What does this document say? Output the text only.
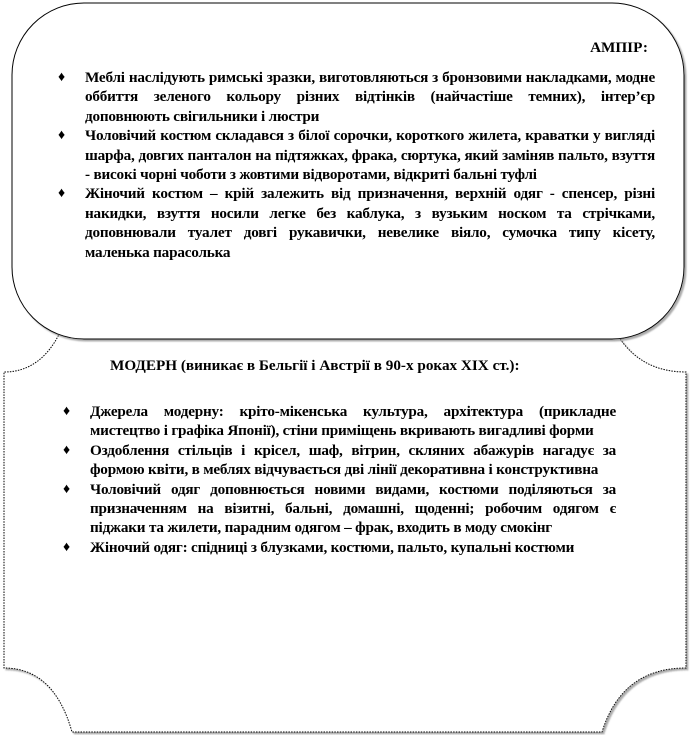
АМПІР:
♦ Меблі наслідують римські зразки, виготовляються з бронзовими накладками, модне оббиття зеленого кольору різних відтінків (найчастіше темних), інтер’єр доповнюють свігильники і люстри
♦ Чоловічий костюм складався з білої сорочки, короткого жилета, краватки у вигляді шарфа, довгих панталон на підтяжках, фрака, сюртука, який заміняв пальто, взуття - високі чорні чоботи з жовтими відворотами, відкриті бальні туфлі
♦ Жіночий костюм – крій залежить від призначення, верхній одяг - спенсер, різні накидки, взуття носили легке без каблука, з вузьким носком та стрічками, доповнювали туалет довгі рукавички, невелике віяло, сумочка типу кісету, маленька парасолька
МОДЕРН (виникає в Бельгії і Австрії в 90-х роках XIX ст.):
♦ Джерела модерну: кріто-мікенська культура, архітектура (прикладне мистецтво і графіка Японії), стіни приміщень вкривають вигадливі форми
♦ Оздоблення стільців і крісел, шаф, вітрин, скляних абажурів нагадує за формою квіти, в меблях відчувається дві лінії декоративна і конструктивна
♦ Чоловічий одяг доповнюється новими видами, костюми поділяються за призначенням на візитні, бальні, домашні, щоденні; робочим одягом є піджаки та жилети, парадним одягом – фрак, входить в моду смокінг
♦ Жіночий одяг: спідниці з блузками, костюми, пальто, купальні костюми
